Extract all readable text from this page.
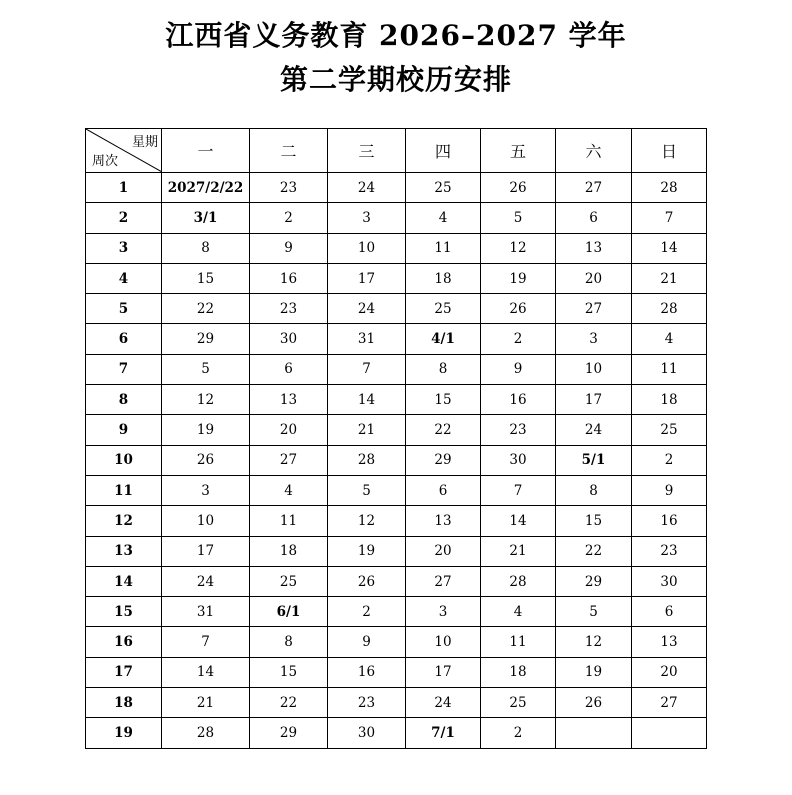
江西省义务教育 2026–2027 学年
第二学期校历安排
星期
周次	一	二	三	四	五	六	日
1	2027/2/22	23	24	25	26	27	28
2	3/1	2	3	4	5	6	7
3	8	9	10	11	12	13	14
4	15	16	17	18	19	20	21
5	22	23	24	25	26	27	28
6	29	30	31	4/1	2	3	4
7	5	6	7	8	9	10	11
8	12	13	14	15	16	17	18
9	19	20	21	22	23	24	25
10	26	27	28	29	30	5/1	2
11	3	4	5	6	7	8	9
12	10	11	12	13	14	15	16
13	17	18	19	20	21	22	23
14	24	25	26	27	28	29	30
15	31	6/1	2	3	4	5	6
16	7	8	9	10	11	12	13
17	14	15	16	17	18	19	20
18	21	22	23	24	25	26	27
19	28	29	30	7/1	2		
